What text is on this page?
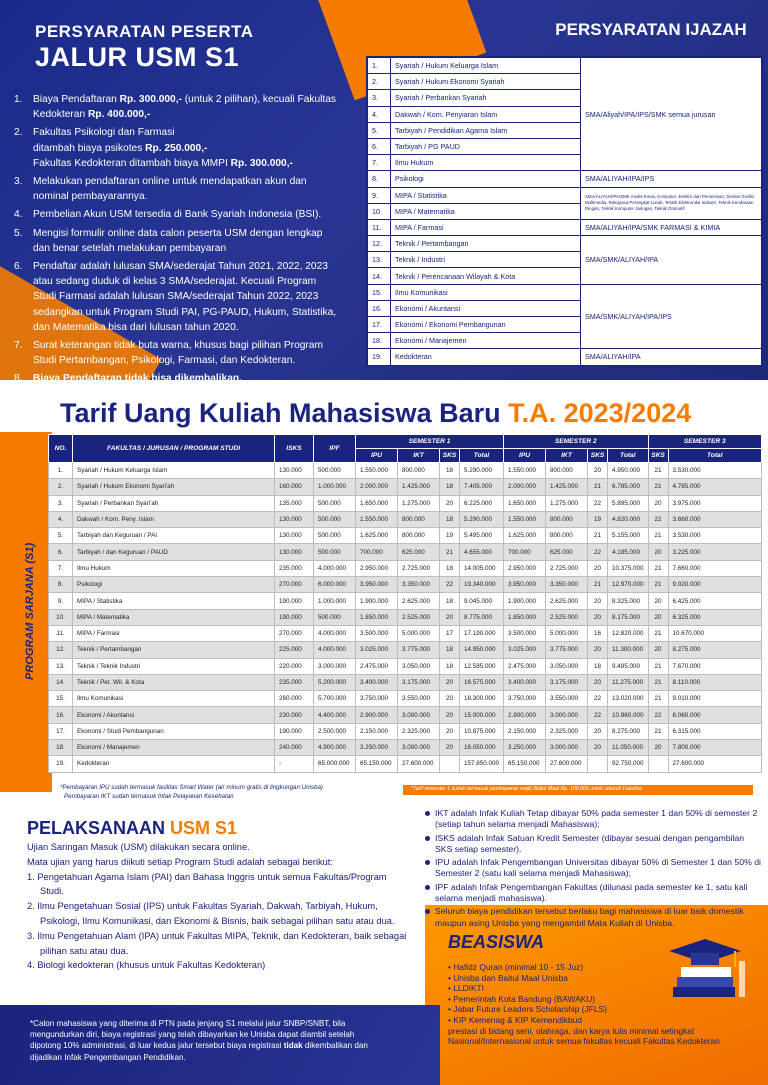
PERSYARATAN PESERTA
JALUR USM S1
1. Biaya Pendaftaran Rp. 300.000,- (untuk 2 pilihan), kecuali Fakultas Kedokteran Rp. 400.000,-
2. Fakultas Psikologi dan Farmasi
ditambah biaya psikotes Rp. 250.000,-
Fakultas Kedokteran ditambah biaya MMPI Rp. 300.000,-
3. Melakukan pendaftaran online untuk mendapatkan akun dan nominal pembayarannya.
4. Pembelian Akun USM tersedia di Bank Syariah Indonesia (BSI).
5. Mengisi formulir online data calon peserta USM dengan lengkap dan benar setelah melakukan pembayaran
6. Pendaftar adalah lulusan SMA/sederajat Tahun 2021, 2022, 2023 atau sedang duduk di kelas 3 SMA/sederajat. Kecuali Program Studi Farmasi adalah lulusan SMA/sederajat Tahun 2022, 2023 sedangkan untuk Program Studi PAI, PG-PAUD, Hukum, Statistika, dan Matematika bisa dari lulusan tahun 2020.
7. Surat keterangan tidak buta warna, khusus bagi pilihan Program Studi Pertambangan, Psikologi, Farmasi, dan Kedokteran.
8. Biaya Pendaftaran tidak bisa dikembalikan.
PERSYARATAN IJAZAH
1.	Syariah / Hukum Keluarga Islam	SMA/Aliyah/IPA/IPS/SMK semua jurusan
2.	Syariah / Hukum Ekonomi Syariah	
3.	Syariah / Perbankan Syariah	
4.	Dakwah / Kom. Penyiaran Islam	
5.	Tarbiyah / Pendidikan Agama Islam	
6.	Tarbiyah / PG PAUD	
7.	Ilmu Hukum	
8.	Psikologi	SMA/ALIYAH/IPA/IPS
9.	MIPA / Statistika	SMA/ALIYAH/IPA/SMK Analis Kimia, Komputer, Elektro dan Pemesinan, Desain Grafis/ Multimedia, Rekayasa Perangkat Lunak, Teknik Elektronika Industri, Teknik Kendaraan Ringan, Teknik Komputer Jaringan, Teknik Otomotif
10.	MIPA / Matematika	
11.	MIPA / Farmasi	SMA/ALIYAH/IPA/SMK FARMASI & KIMIA
12.	Teknik / Pertambangan	SMA/SMK/ALIYAH/IPA
13.	Teknik / Industri	
14.	Teknik / Perencanaan Wilayah & Kota	
15.	Ilmu Komunikasi	SMA/SMK/ALIYAH/IPA/IPS
16.	Ekonomi / Akuntansi	
17.	Ekonomi / Ekonomi Pembangunan	
18.	Ekonomi / Manajemen	
19.	Kedokteran	SMA/ALIYAH/IPA
Tarif Uang Kuliah Mahasiswa Baru T.A. 2023/2024
PROGRAM SARJANA (S1)
NO.	FAKULTAS / JURUSAN / PROGRAM STUDI	ISKS	IPF	SEMESTER 1				SEMESTER 2				SEMESTER 3	
				IPU	IKT	SKS	Total	IPU	IKT	SKS	Total	SKS	Total
1.	Syariah / Hukum Keluarga Islam	130.000	500.000	1.550.000	800.000	18	5.290.000	1.550.000	800.000	20	4.950.000	21	3.530.000
2.	Syariah / Hukum Ekonomi Syari'ah	160.000	1.000.000	2.000.000	1.425.000	18	7.405.000	2.000.000	1.425.000	21	6.785.000	21	4.785.000
3.	Syariah / Perbankan Syari'ah	135.000	500.000	1.650.000	1.275.000	20	6.225.000	1.650.000	1.275.000	22	5.895.000	20	3.975.000
4.	Dakwah / Kom. Peny. Islam	130.000	500.000	1.550.000	800.000	18	5.290.000	1.550.000	800.000	19	4.820.000	22	3.660.000
5.	Tarbiyah dan Keguruan / PAI	130.000	500.000	1.625.000	800.000	19	5.495.000	1.625.000	800.000	21	5.155.000	21	3.530.000
6.	Tarbiyah / dan Keguruan / PAUD	130.000	500.000	700.000	625.000	21	4.655.000	700.000	625.000	22	4.185.000	20	3.225.000
7.	Ilmu Hukum	235.000	4.000.000	2.950.000	2.725.000	18	14.005.000	2.950.000	2.725.000	20	10.375.000	21	7.660.000
8.	Psikologi	270.000	6.000.000	3.950.000	3.350.000	22	19.340.000	3.950.000	3.350.000	21	12.970.000	21	9.020.000
9.	MIPA / Statistika	190.000	1.000.000	1.900.000	2.625.000	18	9.045.000	1.900.000	2.625.000	20	8.325.000	20	6.425.000
10.	MIPA / Matematika	190.000	500.000	1.850.000	2.525.000	20	8.775.000	1.850.000	2.525.000	20	8.175.000	20	6.325.000
11.	MIPA / Farmasi	270.000	4.000.000	3.500.000	5.000.000	17	17.190.000	3.500.000	5.000.000	16	12.820.000	21	10.670.000
12.	Teknik / Pertambangan	225.000	4.000.000	3.025.000	3.775.000	18	14.950.000	3.025.000	3.775.000	20	11.300.000	20	8.275.000
13.	Teknik / Teknik Industri	220.000	3.000.000	2.475.000	3.050.000	18	12.585.000	2.475.000	3.050.000	18	9.485.000	21	7.670.000
14.	Teknik / Per. Wil. & Kota	235.000	5.200.000	3.400.000	3.175.000	20	16.575.000	3.400.000	3.175.000	20	11.275.000	21	8.110.000
15.	Ilmu Komunikasi	260.000	5.700.000	3.750.000	3.550.000	20	18.300.000	3.750.000	3.550.000	22	13.020.000	21	9.010.000
16.	Ekonomi / Akuntansi	230.000	4.400.000	2.900.000	3.000.000	20	15.000.000	2.900.000	3.000.000	22	10.960.000	22	8.060.000
17.	Ekonomi / Studi Pembangunan	190.000	2.500.000	2.150.000	2.325.000	20	10.875.000	2.150.000	2.325.000	20	8.275.000	21	6.315.000
18.	Ekonomi / Manajemen	240.000	4.900.000	3.250.000	3.000.000	20	16.050.000	3.250.000	3.000.000	20	11.050.000	20	7.800.000
19.	Kedokteran	-	65.000.000	65.150.000	27.600.000		157.850.000	65.150.000	27.600.000		92.750.000		27.600.000
*Pembayaran IPU sudah termasuk fasilitas Smart Water (air minum gratis di lingkungan Unisba)
Pembayaran IKT sudah termasuk Infak Pelayanan Kesehatan
*Tarif semester 1 sudah termasuk pembayaran wajib Baitul Maal Rp. 100.000 untuk seluruh Fakultas
PELAKSANAAN USM S1

Ujian Saringan Masuk (USM) dilakukan secara online.

Mata ujian yang harus diikuti setiap Program Studi adalah sebagai berikut:

1. Pengetahuan Agama Islam (PAI) dan Bahasa Inggris untuk semua Fakultas/Program Studi.

2. Ilmu Pengetahuan Sosial (IPS) untuk Fakultas Syariah, Dakwah, Tarbiyah, Hukum, Psikologi, Ilmu Komunikasi, dan Ekonomi & Bisnis, baik sebagai pilihan satu atau dua.

3. Ilmu Pengetahuan Alam (IPA) untuk Fakultas MIPA, Teknik, dan Kedokteran, baik sebagai pilihan satu atau dua.

4. Biologi kedokteran (khusus untuk Fakultas Kedokteran)

IKT adalah Infak Kuliah Tetap dibayar 50% pada semester 1 dan 50% di semester 2 (setiap tahun selama menjadi Mahasiswa);
ISKS adalah Infak Satuan Kredit Semester (dibayar sesuai dengan pengambilan SKS setiap semester).
IPU adalah Infak Pengembangan Universitas dibayar 50% di Semester 1 dan 50% di Semester 2 (satu kali selama menjadi Mahasiswa);
IPF adalah Infak Pengembangan Fakultas (dilunasi pada semester ke 1, satu kali selama menjadi mahasiswa).
Seluruh biaya pendidikan tersebut berlaku bagi mahasiswa di luar baik domestik maupun asing Unisba yang mengambil Mata Kuliah di Unisba.
BEASISWA
• Hafidz Quran (minimal 10 - 15 Juz)
• Unisba dan Baitul Maal Unisba
• LLDIKTI
• Pemerintah Kota Bandung (BAWAKU)
• Jabar Future Leaders Scholarship (JFLS)
• KIP Kemenag & KIP Kemendikbud
prestasi di bidang seni, olahraga, dan karya tulis minimal setingkat Nasional/Internasional untuk semua fakultas kecuali Fakultas Kedokteran
*Calon mahasiswa yang diterima di PTN pada jenjang S1 melalui jalur SNBP/SNBT, bila mengundurkan diri, biaya registrasi yang telah dibayarkan ke Unisba dapat diambil setelah dipotong 10% administrasi, di luar kedua jalur tersebut biaya registrasi tidak dikembalikan dan dijadikan Infak Pengembangan Pendidikan.
